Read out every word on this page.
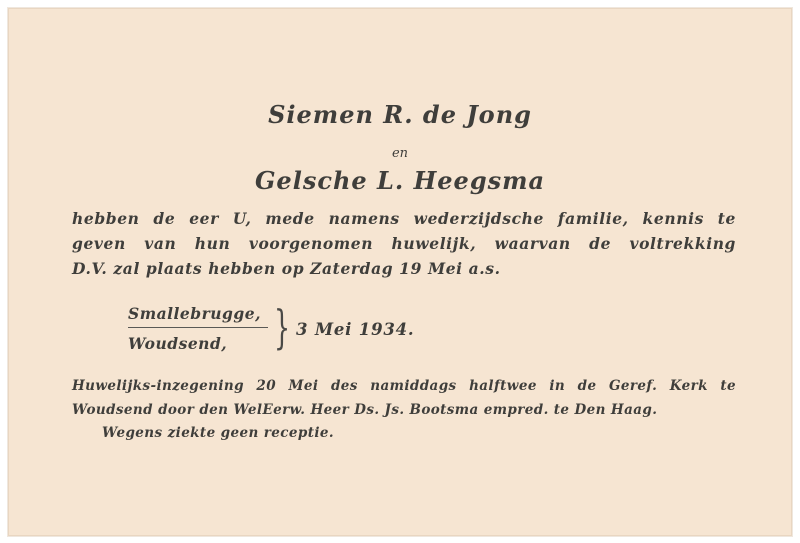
Siemen R. de Jong
en
Gelsche L. Heegsma
hebben de eer U, mede namens wederzijdsche familie, kennis te
geven van hun voorgenomen huwelijk, waarvan de voltrekking
D.V. zal plaats hebben op Zaterdag 19 Mei a.s.
Smallebrugge,
Woudsend,	} 3 Mei 1934.
Huwelijks-inzegening 20 Mei des namiddags halftwee in de Geref. Kerk te
Woudsend door den WelEerw. Heer Ds. Js. Bootsma empred. te Den Haag.
Wegens ziekte geen receptie.
